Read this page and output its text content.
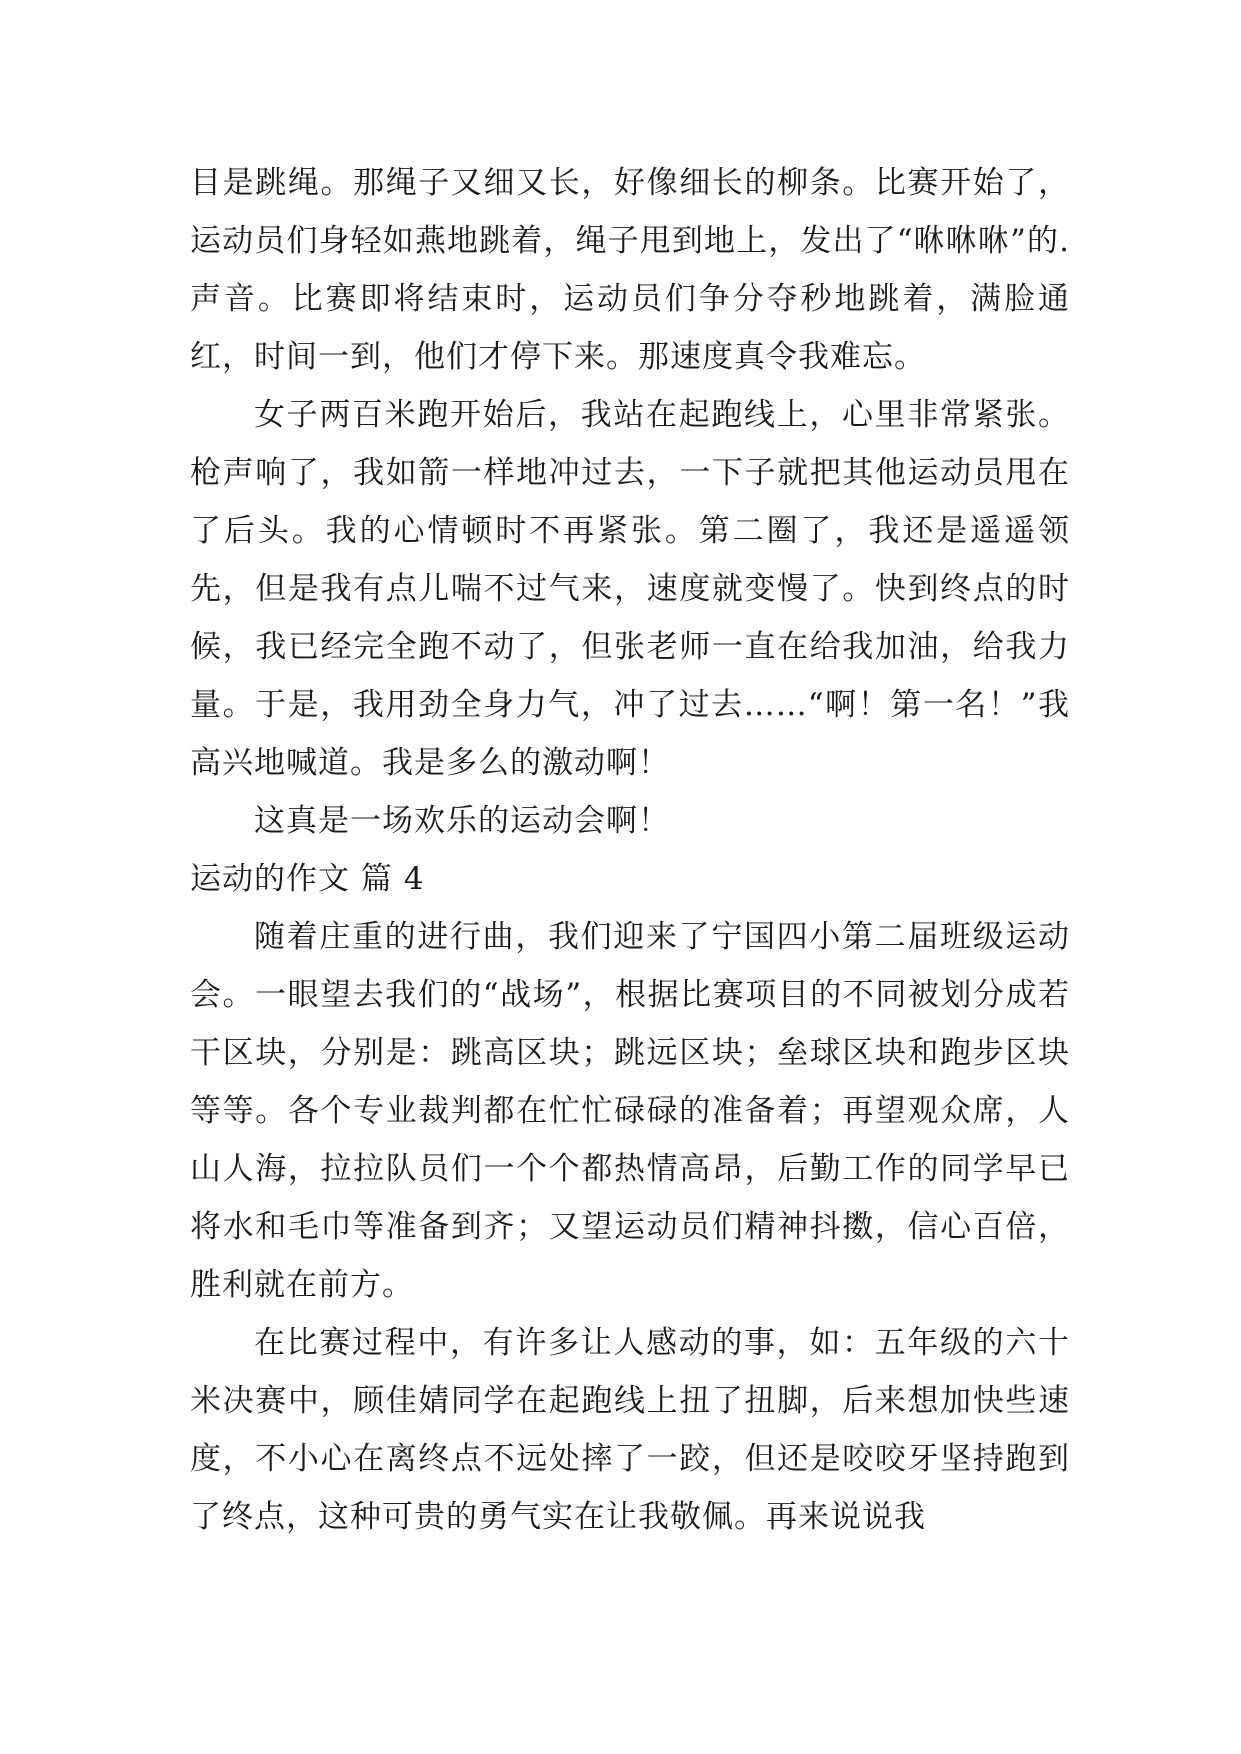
目是跳绳。那绳子又细又长，好像细长的柳条。比赛开始了，运动员们身轻如燕地跳着，绳子甩到地上，发出了“咻咻咻”的.声音。比赛即将结束时，运动员们争分夺秒地跳着，满脸通红，时间一到，他们才停下来。那速度真令我难忘。

女子两百米跑开始后，我站在起跑线上，心里非常紧张。枪声响了，我如箭一样地冲过去，一下子就把其他运动员甩在了后头。我的心情顿时不再紧张。第二圈了，我还是遥遥领先，但是我有点儿喘不过气来，速度就变慢了。快到终点的时候，我已经完全跑不动了，但张老师一直在给我加油，给我力量。于是，我用劲全身力气，冲了过去……“啊！第一名！”我高兴地喊道。我是多么的激动啊！

这真是一场欢乐的运动会啊！

运动的作文 篇 4

随着庄重的进行曲，我们迎来了宁国四小第二届班级运动会。一眼望去我们的“战场”，根据比赛项目的不同被划分成若干区块，分别是：跳高区块；跳远区块；垒球区块和跑步区块等等。各个专业裁判都在忙忙碌碌的准备着；再望观众席，人山人海，拉拉队员们一个个都热情高昂，后勤工作的同学早已将水和毛巾等准备到齐；又望运动员们精神抖擞，信心百倍，胜利就在前方。

在比赛过程中，有许多让人感动的事，如：五年级的六十米决赛中，顾佳婧同学在起跑线上扭了扭脚，后来想加快些速度，不小心在离终点不远处摔了一跤，但还是咬咬牙坚持跑到了终点，这种可贵的勇气实在让我敬佩。再来说说我
